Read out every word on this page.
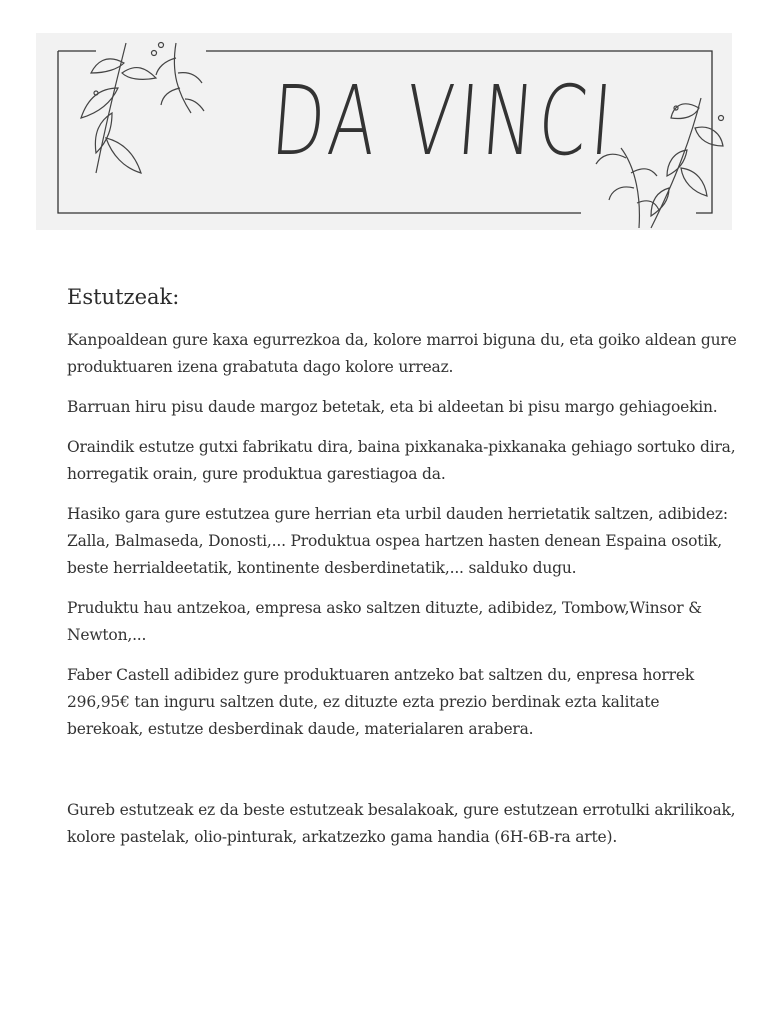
DA VINCI
Estutzeak:

Kanpoaldean gure kaxa egurrezkoa da, kolore marroi biguna du, eta goiko aldean gure produktuaren izena grabatuta dago kolore urreaz.

Barruan hiru pisu daude margoz betetak, eta bi aldeetan bi pisu margo gehiagoekin.

Oraindik estutze gutxi fabrikatu dira, baina pixkanaka-pixkanaka gehiago sortuko dira, horregatik orain, gure produktua garestiagoa da.

Hasiko gara gure estutzea gure herrian eta urbil dauden herrietatik saltzen, adibidez: Zalla, Balmaseda, Donosti,... Produktua ospea hartzen hasten denean Espaina osotik, beste herrialdeetatik, kontinente desberdinetatik,... salduko dugu.

Pruduktu hau antzekoa, empresa asko saltzen dituzte, adibidez, Tombow,Winsor & Newton,...

Faber Castell adibidez gure produktuaren antzeko bat saltzen du, enpresa horrek 296,95€ tan inguru saltzen dute, ez dituzte ezta prezio berdinak ezta kalitate berekoak, estutze desberdinak daude, materialaren arabera.

Gureb estutzeak ez da beste estutzeak besalakoak, gure estutzean errotulki akrilikoak, kolore pastelak, olio-pinturak, arkatzezko gama handia (6H-6B-ra arte).
